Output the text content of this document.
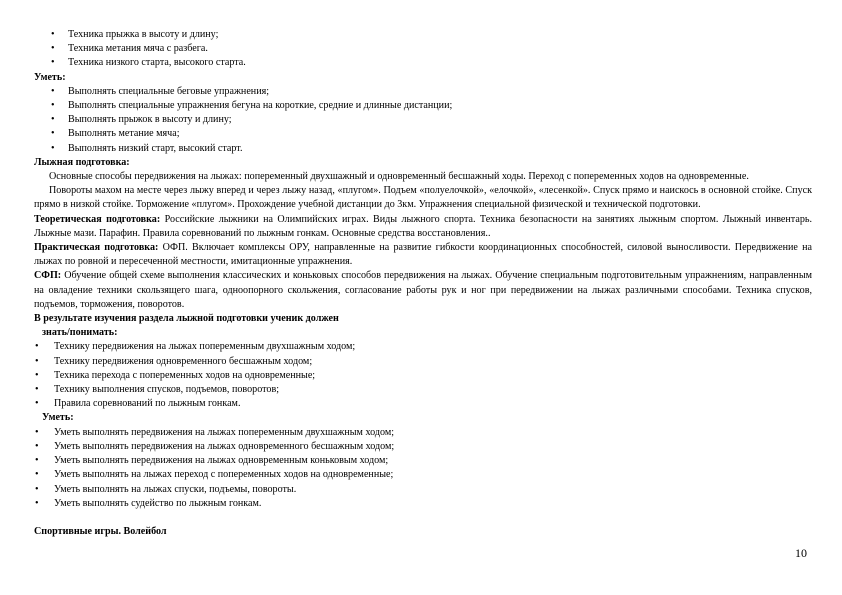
• Техника прыжка в высоту и длину;
• Техника метания мяча с разбега.
• Техника низкого старта, высокого старта.
Уметь:
• Выполнять специальные беговые упражнения;
• Выполнять специальные упражнения бегуна на короткие, средние и длинные дистанции;
• Выполнять прыжок в высоту и длину;
• Выполнять метание мяча;
• Выполнять низкий старт, высокий старт.
Лыжная подготовка:
Основные способы передвижения на лыжах: попеременный двухшажный и одновременный бесшажный ходы. Переход с попеременных ходов на одновременные.
Повороты махом на месте через лыжу вперед и через лыжу назад, «плугом». Подъем «полуелочкой», «елочкой», «лесенкой». Спуск прямо и наискось в основной стойке. Спуск прямо в низкой стойке. Торможение «плугом». Прохождение учебной дистанции до 3км. Упражнения специальной физической и технической подготовки.
Теоретическая подготовка: Российские лыжники на Олимпийских играх. Виды лыжного спорта. Техника безопасности на занятиях лыжным спортом. Лыжный инвентарь. Лыжные мази. Парафин. Правила соревнований по лыжным гонкам. Основные средства восстановления..
Практическая подготовка: ОФП. Включает комплексы ОРУ, направленные на развитие гибкости координационных способностей, силовой выносливости. Передвижение на лыжах по ровной и пересеченной местности, имитационные упражнения.
СФП: Обучение общей схеме выполнения классических и коньковых способов передвижения на лыжах. Обучение специальным подготовительным упражнениям, направленным на овладение техники скользящего шага, одноопорного скольжения, согласование работы рук и ног при передвижении на лыжах различными способами. Техника спусков, подъемов, торможения, поворотов.
В результате изучения раздела лыжной подготовки ученик должен
знать/понимать:
• Технику передвижения на лыжах попеременным двухшажным ходом;
• Технику передвижения одновременного бесшажным ходом;
• Техника перехода с попеременных ходов на одновременные;
• Технику выполнения спусков, подъемов, поворотов;
• Правила соревнований по лыжным гонкам.
Уметь:
• Уметь выполнять передвижения на лыжах попеременным двухшажным ходом;
• Уметь выполнять передвижения на лыжах одновременного бесшажным ходом;
• Уметь выполнять передвижения на лыжах одновременным коньковым ходом;
• Уметь выполнять на лыжах переход с попеременных ходов на одновременные;
• Уметь выполнять на лыжах спуски, подъемы, повороты.
• Уметь выполнять судейство по лыжным гонкам.
Спортивные игры. Волейбол
10
